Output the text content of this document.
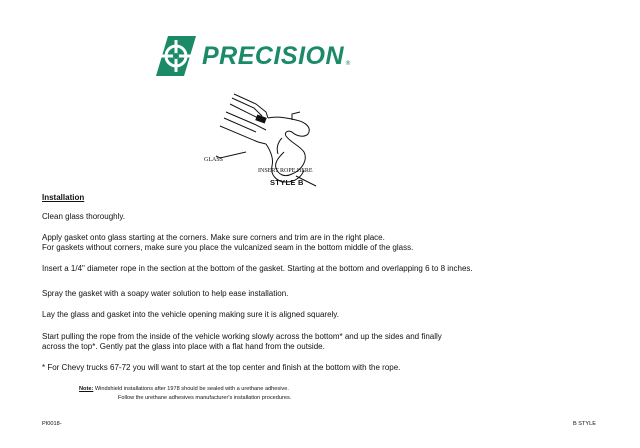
PRECISION ®
GLASS
INSERT ROPE HERE
STYLE B
Installation
Clean glass thoroughly.
Apply gasket onto glass starting at the corners. Make sure corners and trim are in the right place.
For gaskets without corners, make sure you place the vulcanized seam in the bottom middle of the glass.
Insert a 1/4" diameter rope in the section at the bottom of the gasket. Starting at the bottom and overlapping 6 to 8 inches.
Spray the gasket with a soapy water solution to help ease installation.
Lay the glass and gasket into the vehicle opening making sure it is aligned squarely.
Start pulling the rope from the inside of the vehicle working slowly across the bottom* and up the sides and finally
across the top*. Gently pat the glass into place with a flat hand from the outside.
* For Chevy trucks 67-72 you will want to start at the top center and finish at the bottom with the rope.
Note: Windshield installations after 1978 should be sealed with a urethane adhesive.
Follow the urethane adhesives manufacturer's installation procedures.
PI0018-	B STYLE
